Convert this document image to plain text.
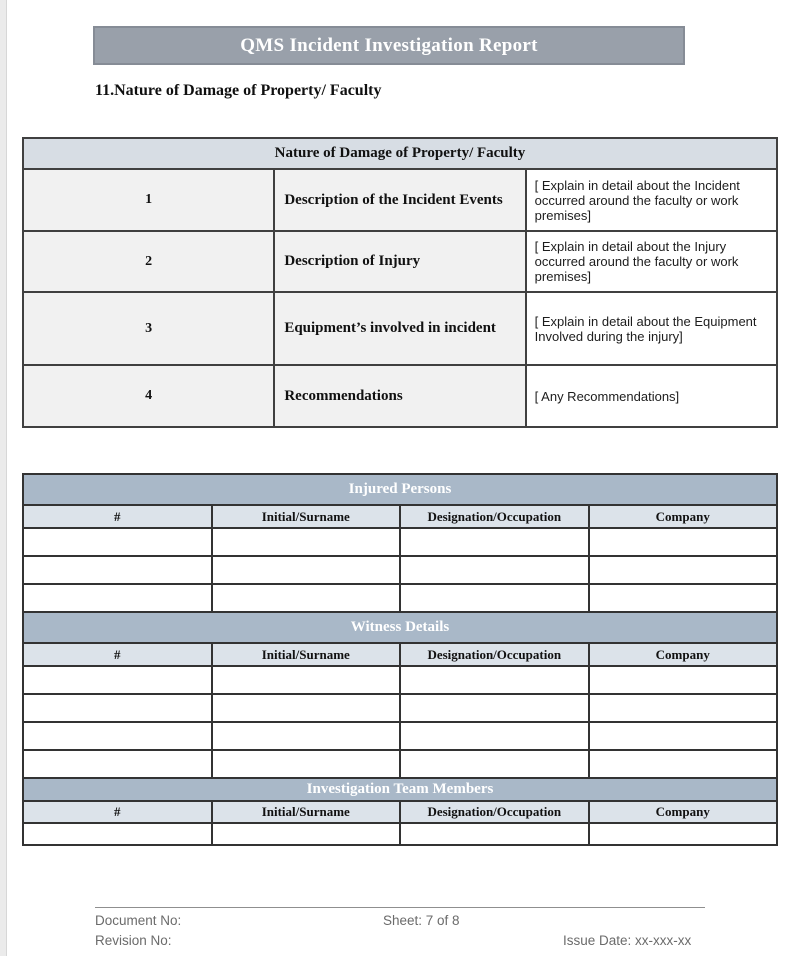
QMS Incident Investigation Report
11.Nature of Damage of Property/ Faculty
Nature of Damage of Property/ Faculty		
1	Description of the Incident Events	[ Explain in detail about the Incident occurred around the faculty or work premises]
2	Description of Injury	[ Explain in detail about the Injury occurred around the faculty or work premises]
3	Equipment’s involved in incident	[ Explain in detail about the Equipment Involved during the injury]
4	Recommendations	[ Any Recommendations]
Injured Persons			
#	Initial/Surname	Designation/Occupation	Company

Witness Details			
#	Initial/Surname	Designation/Occupation	Company

Investigation Team Members			
#	Initial/Surname	Designation/Occupation	Company

Document No:	Sheet: 7 of 8
Revision No:	Issue Date: xx-xxx-xx
